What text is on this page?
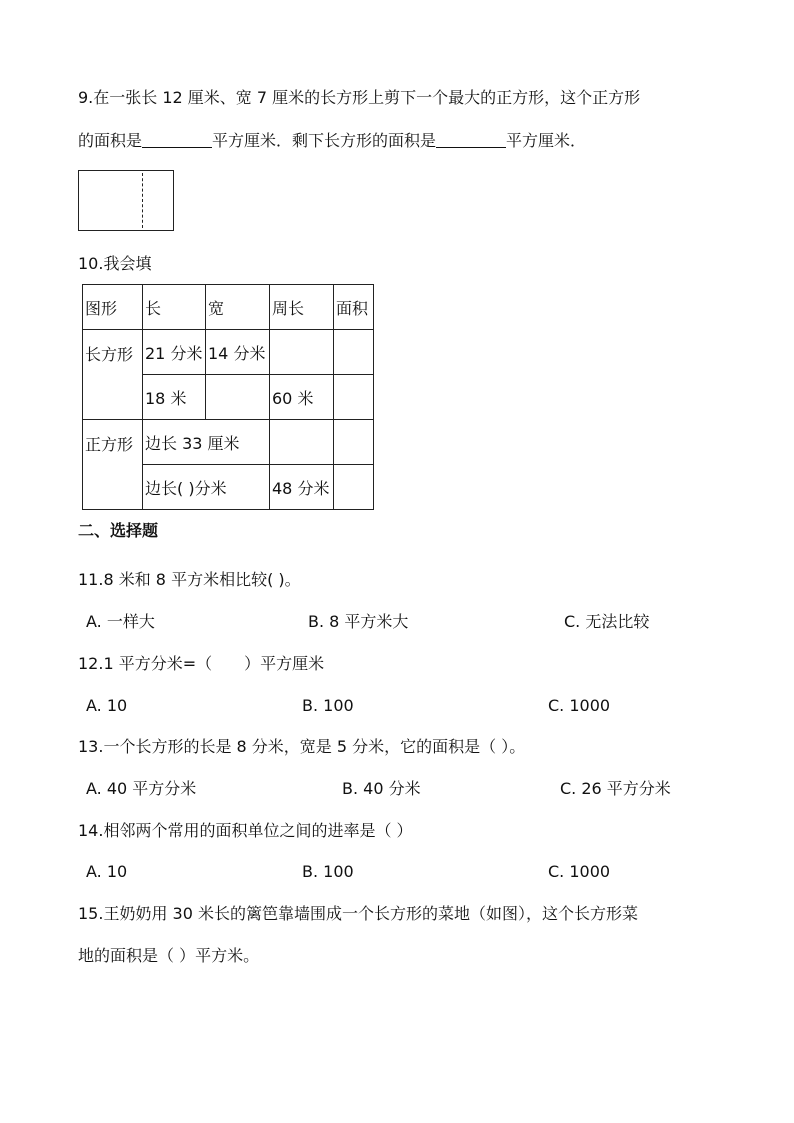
9.在一张长 12 厘米、宽 7 厘米的长方形上剪下一个最大的正方形，这个正方形
的面积是	平方厘米．剩下长方形的面积是	平方厘米．
10.我会填
图形	长	宽	周长	面积
长方形	21 分米	14 分米		
	18 米		60 米	
正方形	边长 33 厘米			
	边长( )分米		48 分米	
二、选择题
11.8 米和 8 平方米相比较( )。
A. 一样大	B. 8 平方米大	C. 无法比较
12.1 平方分米=（　　）平方厘米
A. 10	B. 100	C. 1000
13.一个长方形的长是 8 分米，宽是 5 分米，它的面积是（ ）。
A. 40 平方分米	B. 40 分米	C. 26 平方分米
14.相邻两个常用的面积单位之间的进率是（ ）
A. 10	B. 100	C. 1000
15.王奶奶用 30 米长的篱笆靠墙围成一个长方形的菜地（如图），这个长方形菜
地的面积是（ ）平方米。
